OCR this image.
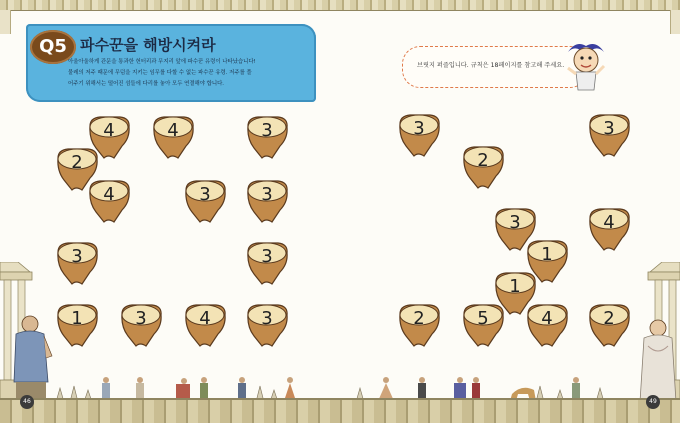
Q5 파수꾼을 해방시켜라
아울아울하게 관문을 통과한 헌터리과 무지리 앞에 파수꾼 유령이 나타났습니다!
물레의 저주 때문에 무덤을 지키는 임무를 다할 수 없는 파수꾼 유령. 저주를 풀
어주기 위해서는 떨어진 섬들에 다리를 놓아 모두 연결해야 합니다.
브릿지 퍼즐입니다. 규칙은 18페이지를 참고해 주세요.
4	4	3
2
4	3	3
3	3
1	3	4	3
3	3
2
3	4
1
1
2	5	4	2
46	49
